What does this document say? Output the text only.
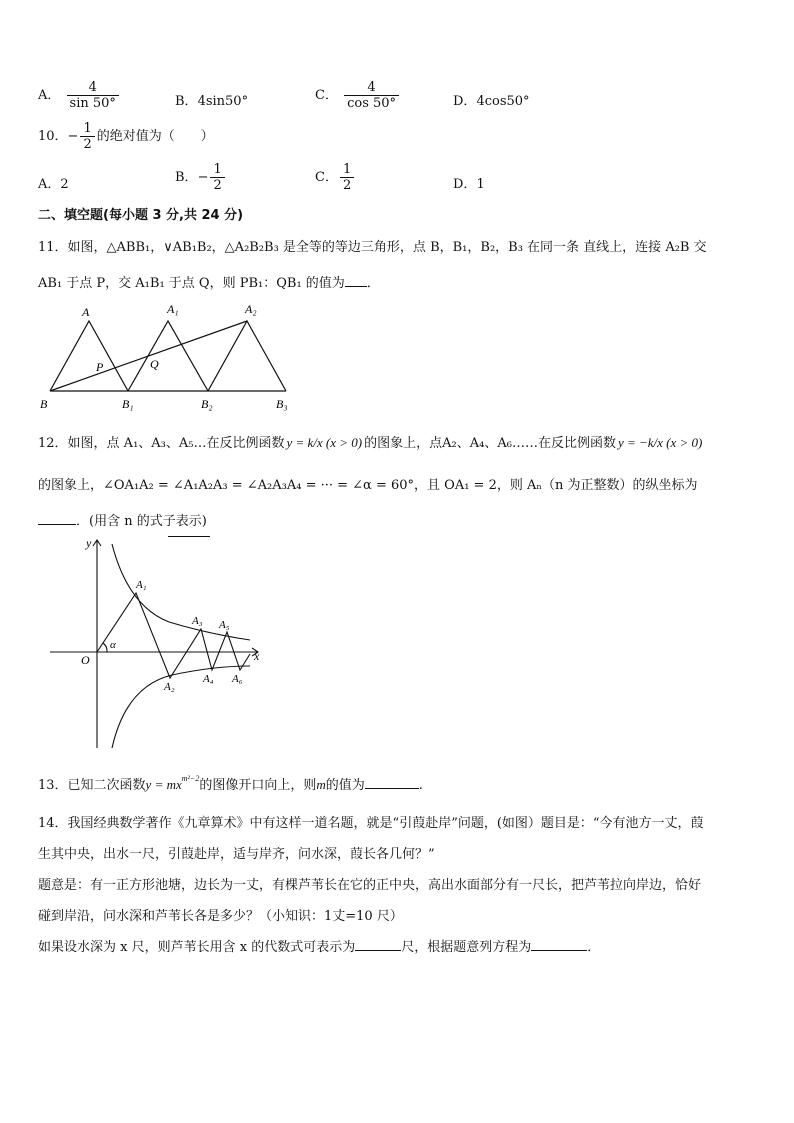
A． $\frac{4}{\sin 50^\circ}$	B．4sin50°	C． $\frac{4}{\cos 50^\circ}$	D．4cos50°
10．− $\frac{1}{2}$ 的绝对值为（　　）
A．2	B．− $\frac{1}{2}$	C． $\frac{1}{2}$	D．1
二、填空题(每小题 3 分,共 24 分)
11．如图，△ABB₁，∨AB₁B₂，△A₂B₂B₃ 是全等的等边三角形，点 B，B₁，B₂，B₃ 在同一条 直线上，连接 A₂B 交
AB₁ 于点 P，交 A₁B₁ 于点 Q，则 PB₁：QB₁ 的值为 ．
A	A₁	A₂
P	Q
B	B₁	B₂	B₃
12．如图，点 A₁、A₃、A₅…在反比例函数 y = k/x (x > 0) 的图象上，点A₂、A₄、A₆……在反比例函数 y = −k/x (x > 0)
的图象上，∠OA₁A₂ = ∠A₁A₂A₃ = ∠A₂A₃A₄ = ··· = ∠α = 60°，且 OA₁ = 2，则 Aₙ（n 为正整数）的纵坐标为
．(用含 n 的式子表示)
y
x
O
α
A₁
A₂
A₃
A₄
A₅
A₆
13．已知二次函数$y = mx^{m^2-2}$的图像开口向上，则m的值为	.
14．我国经典数学著作《九章算术》中有这样一道名题，就是“引葭赴岸”问题，(如图）题目是：“今有池方一丈，葭
生其中央，出水一尺，引葭赴岸，适与岸齐，问水深，葭长各几何？”
题意是：有一正方形池塘，边长为一丈，有棵芦苇长在它的正中央，高出水面部分有一尺长，把芦苇拉向岸边，恰好
碰到岸沿，问水深和芦苇长各是多少？（小知识：1丈=10 尺）
如果设水深为 x 尺，则芦苇长用含 x 的代数式可表示为	尺，根据题意列方程为	．
